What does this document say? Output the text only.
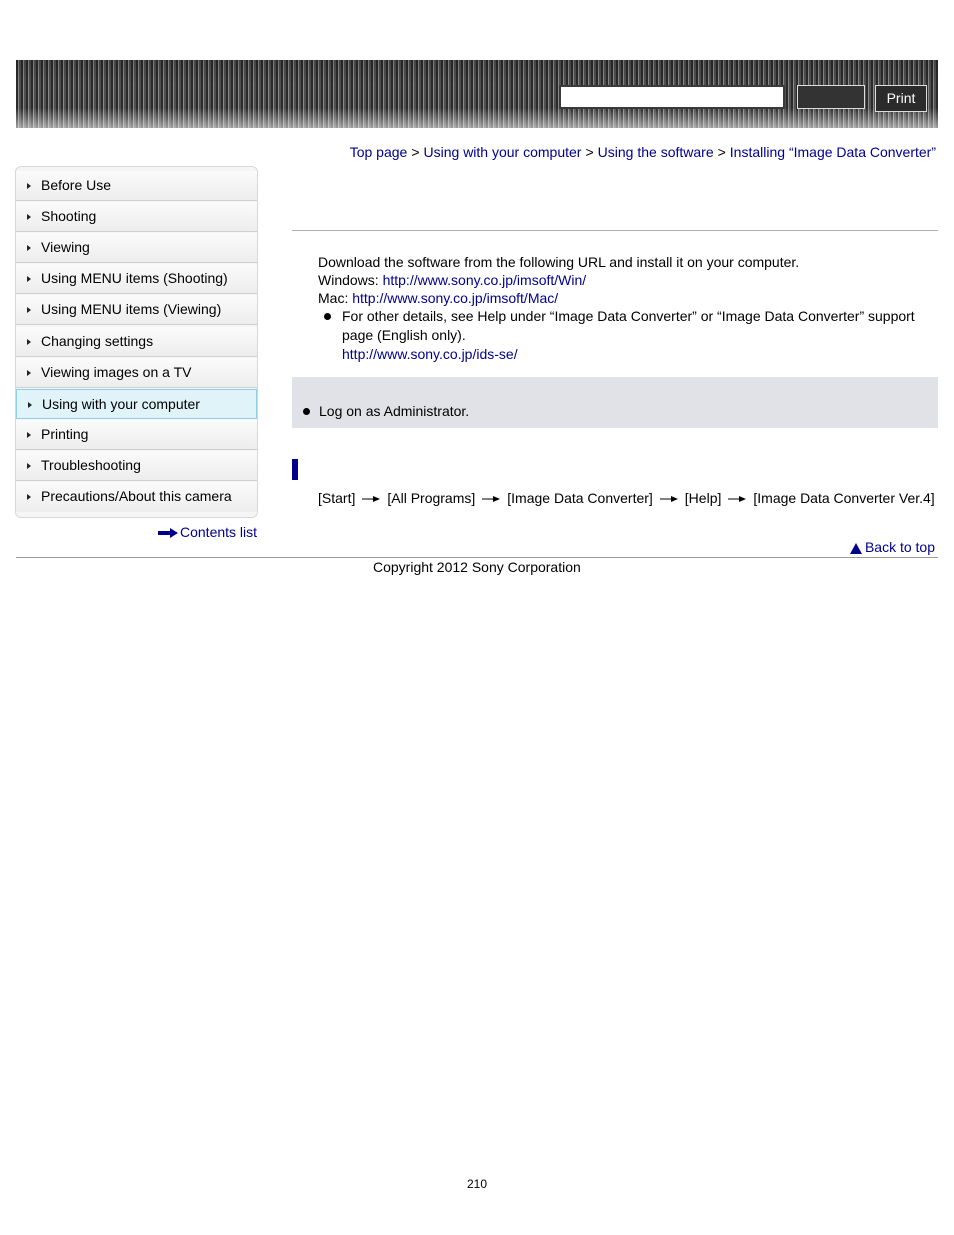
Print
Top page > Using with your computer > Using the software > Installing “Image Data Converter”
Before Use
Shooting
Viewing
Using MENU items (Shooting)
Using MENU items (Viewing)
Changing settings
Viewing images on a TV
Using with your computer
Printing
Troubleshooting
Precautions/About this camera
Contents list
Download the software from the following URL and install it on your computer.
Windows: http://www.sony.co.jp/imsoft/Win/
Mac: http://www.sony.co.jp/imsoft/Mac/
For other details, see Help under “Image Data Converter” or “Image Data Converter” support page (English only).
http://www.sony.co.jp/ids-se/
Log on as Administrator.
[Start] [All Programs] [Image Data Converter] [Help] [Image Data Converter Ver.4]
Back to top
Copyright 2012 Sony Corporation
210
